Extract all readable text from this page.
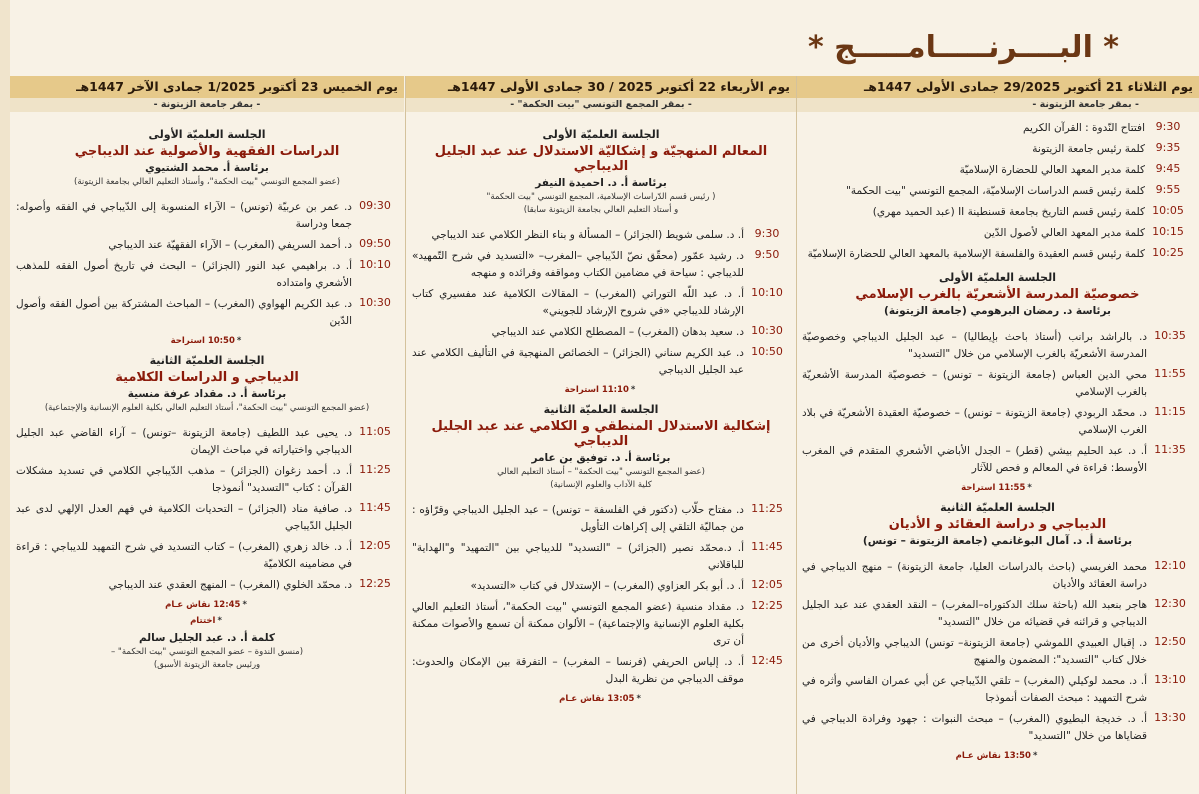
* البــــرنـــــامـــــج *
يوم الثلاثاء 21 أكتوبر 29/2025 جمادى الأولى 1447هـ
- بمقر جامعة الزيتونة -
9:30
افتتاح النّدوة : القرآن الكريم
9:35
كلمة رئيس جامعة الزيتونة
9:45
كلمة مدير المعهد العالي للحضارة الإسلاميّة
9:55
كلمة رئيس قسم الدراسات الإسلاميّة، المجمع التونسي "بيت الحكمة"
10:05
كلمة رئيس قسم التاريخ بجامعة قسنطينة II (عبد الحميد مهري)
10:15
كلمة مدير المعهد العالي لأصول الدّين
10:25
كلمة رئيس قسم العقيدة والفلسفة الإسلامية بالمعهد العالي للحضارة الإسلاميّة
الجلسة العلميّة الأولى
خصوصيّة المدرسة الأشعريّة بالغرب الإسلامي
برئاسة د. رمضان البرهومي (جامعة الزيتونة)
10:35
د. بالراشد برانب (أستاذ باحث بإيطاليا) – عبد الجليل الديباجي وخصوصيّة المدرسة الأشعريّة بالغرب الإسلامي من خلال "التسديد"
11:55
محي الدين العباس (جامعة الزيتونة – تونس) – خصوصيّة المدرسة الأشعريّة بالغرب الإسلامي
11:15
د. محمّد الربودي (جامعة الزيتونة – تونس) – خصوصيّة العقيدة الأشعريّة في بلاد الغرب الإسلامي
11:35
أ. د. عبد الحليم بيشي (قطر) – الجدل الأباضي الأشعري المتقدم في المغرب الأوسط: قراءة في المعالم و فحص للآثار
*11:55 استراحة
الجلسة العلميّة الثانية
الديباجي و دراسة العقائد و الأديان
برئاسة أ. د. آمال البوغانمي (جامعة الزيتونة – تونس)
12:10
محمد الغريسي (باحث بالدراسات العليا، جامعة الزيتونة) – منهج الديباجي في دراسة العقائد والأديان
12:30
هاجر بنعبد الله (باحثة سلك الدكتوراه–المغرب) – النقد العقدي عند عبد الجليل الديباجي و قرائنه في قضيائه من خلال "التسديد"
12:50
د. إقبال العبيدي اللموشي (جامعة الزيتونة– تونس) الديباجي والأديان أخرى من خلال كتاب "التسديد": المضمون والمنهج
13:10
أ. د. محمد لوكيلي (المغرب) – تلقي الدّيباجي عن أبي عمران الفاسي وأثره في شرح التمهيد : مبحث الصفات أنموذجا
13:30
أ. د. خديجة البطيوي (المغرب) – مبحث النبوات : جهود وفرادة الديباجي في قضاياها من خلال "التسديد"
*13:50 نقاش عـام
يوم الأربعاء 22 أكتوبر 2025 / 30 جمادى الأولى 1447هـ
- بمقر المجمع التونسي "بيت الحكمة" -
الجلسة العلميّة الأولى
المعالم المنهجيّة و إشكاليّة الاستدلال عند عبد الجليل الديباجي
برئاسة أ. د. احميدة النيفر
( رئيس قسم الدّراسات الإسلامية، المجمع التونسي "بيت الحكمة"
و أستاذ التعليم العالي بجامعة الزيتونة سابقا)
9:30
أ. د. سلمى شويط (الجزائر) – المسألة و بناء النظر الكلامي عند الديباجي
9:50
د. رشيد عمّور (محقّق نصّ الدّيباجي –المغرب– «التسديد في شرح التّمهيد» للديباجي : سياحة في مضامين الكتاب ومواقفه وفرائده و منهجه
10:10
أ. د. عبد اللّه التوراتي (المغرب) – المقالات الكلامية عند مفسيري كتاب الإرشاد للديباجي «في شروح الإرشاد للجويني»
10:30
د. سعيد بدهان (المغرب) – المصطلح الكلامي عند الديباجي
10:50
د. عبد الكريم سناني (الجزائر) – الخصائص المنهجية في التأليف الكلامي عند عبد الجليل الديباجي
*11:10 استراحة
الجلسة العلميّة الثانية
إشكالية الاستدلال المنطقي و الكلامي عند عبد الجليل الديباجي
برئاسة أ. د. توفيق بن عامر
(عضو المجمع التونسي "بيت الحكمة" – أستاذ التعليم العالي
كلية الآداب والعلوم الإنسانية)
11:25
د. مفتاح حلّاب (دكتور في الفلسفة – تونس) – عبد الجليل الديباجي وقرّاؤه : من جماليّة التلقي إلى إكراهات التأويل
11:45
أ. د.محمّد نصير (الجزائر) – "التسديد" للديباجي بين "التمهيد" و"الهداية" للباقلاني
12:05
أ. د. أبو بكر العزاوي (المغرب) – الإستدلال في كتاب «التسديد»
12:25
د. مقداد منسية (عضو المجمع التونسي "بيت الحكمة"، أستاذ التعليم العالي بكلية العلوم الإنسانية والإجتماعية) – الألوان ممكنة أن تسمع والأصوات ممكنة أن ترى
12:45
أ. د. إلياس الحريفي (فرنسا – المغرب) – التفرقة بين الإمكان والحدوث: موقف الديباجي من نظرية البدل
*13:05 نقاش عـام
يوم الخميس 23 أكتوبر 1/2025 جمادى الآخر 1447هـ
- بمقر جامعة الزيتونة -
الجلسة العلميّة الأولى
الدراسات الفقهية والأصولية عند الديباجي
برئاسة أ. محمد الشتيوي
(عضو المجمع التونسي "بيت الحكمة"، وأستاذ التعليم العالي بجامعة الزيتونة)
09:30
د. عمر بن عربيّة (تونس) – الآراء المنسوبة إلى الدّيباجي في الفقه وأصوله: جمعا ودراسة
09:50
د. أحمد السريفي (المغرب) – الآراء الفقهيّة عند الديباجي
10:10
أ. د. براهيمي عبد النور (الجزائر) – البحث في تاريخ أصول الفقه للمذهب الأشعري وامتداده
10:30
د. عبد الكريم الهواوي (المغرب) – المباحث المشتركة بين أصول الفقه وأصول الدّين
*10:50 استراحة
الجلسة العلميّة الثانية
الديباجي و الدراسات الكلامية
برئاسة أ. د. مقداد عرفة منسية
(عضو المجمع التونسي "بيت الحكمة"، أستاذ التعليم العالي بكلية العلوم الإنسانية والإجتماعية)
11:05
د. يحيى عبد اللطيف (جامعة الزيتونة –تونس) – آراء القاضي عبد الجليل الديباجي واختياراته في مباحث الإيمان
11:25
أ. د. أحمد زغوان (الجزائر) – مذهب الدّيباجي الكلامي في تسديد مشكلات القرآن : كتاب "التسديد" أنموذجا
11:45
د. صافية مناد (الجزائر) – التحديات الكلامية في فهم العدل الإلهي لدى عبد الجليل الدّيباجي
12:05
أ. د. خالد زهري (المغرب) – كتاب التسديد في شرح التمهيد للديباجي : قراءة في مضامينه الكلاميّة
12:25
د. محمّد الخلوي (المغرب) – المنهج العقدي عند الديباجي
*12:45 نقاش عـام
*اختتام
كلمة أ. د. عبد الجليل سالم
(منسق الندوة – عضو المجمع التونسي "بيت الحكمة" –
ورئيس جامعة الزيتونة الأسبق)
